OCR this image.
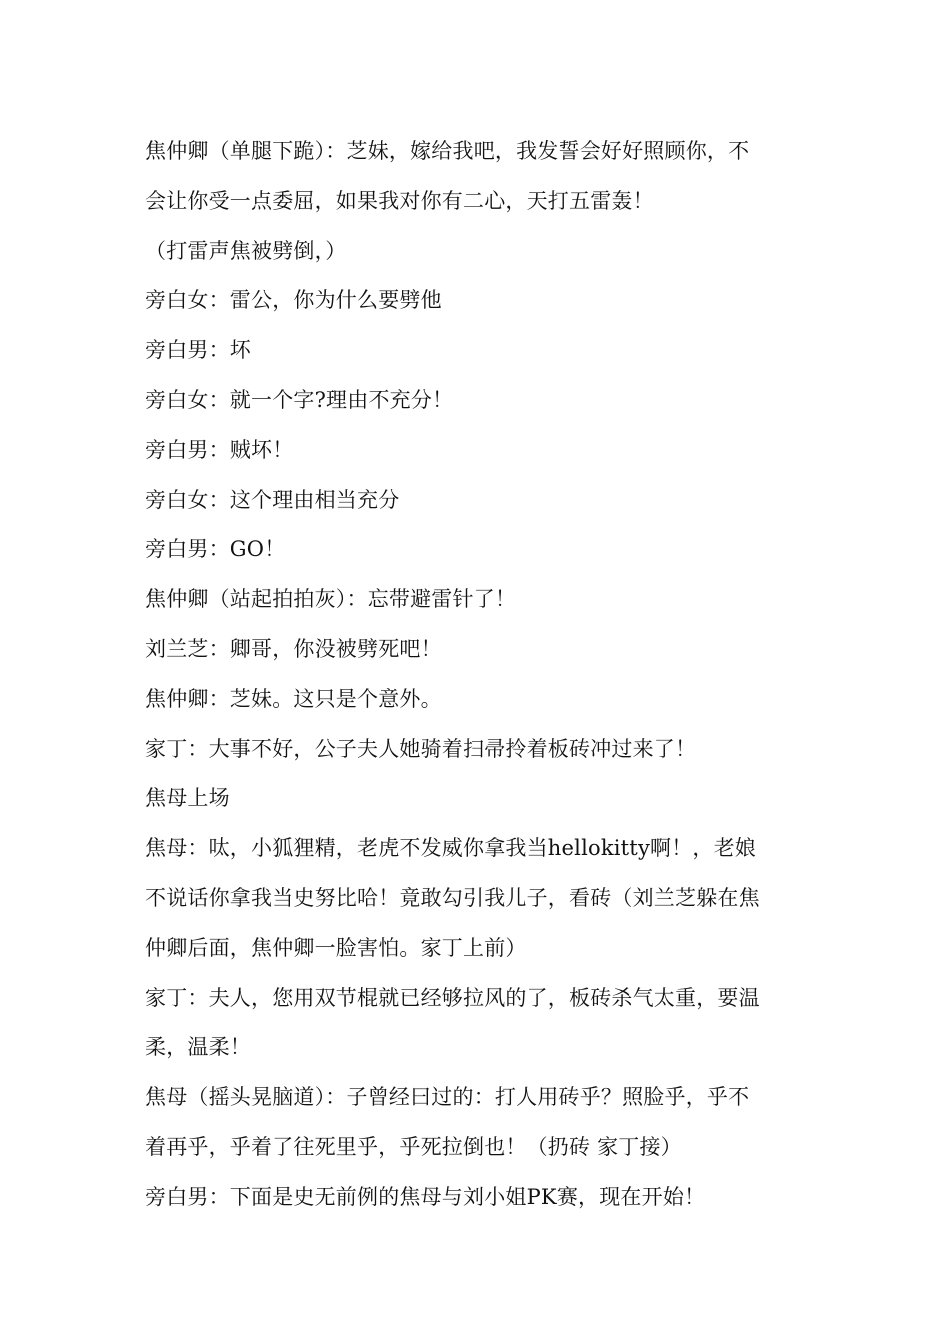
焦仲卿（单腿下跪）：芝妹，嫁给我吧，我发誓会好好照顾你，不
会让你受一点委屈，如果我对你有二心，天打五雷轰！
（打雷声焦被劈倒，）
旁白女：雷公，你为什么要劈他
旁白男：坏
旁白女：就一个字?理由不充分！
旁白男：贼坏！
旁白女：这个理由相当充分
旁白男：GO！
焦仲卿（站起拍拍灰）：忘带避雷针了！
刘兰芝：卿哥，你没被劈死吧！
焦仲卿：芝妹。这只是个意外。
家丁：大事不好，公子夫人她骑着扫帚拎着板砖冲过来了！
焦母上场
焦母：呔，小狐狸精，老虎不发威你拿我当hellokitty啊！，老娘
不说话你拿我当史努比哈！竟敢勾引我儿子，看砖（刘兰芝躲在焦
仲卿后面，焦仲卿一脸害怕。家丁上前）
家丁：夫人，您用双节棍就已经够拉风的了，板砖杀气太重，要温
柔，温柔！
焦母（摇头晃脑道）：子曾经曰过的：打人用砖乎？照脸乎，乎不
着再乎，乎着了往死里乎，乎死拉倒也！（扔砖 家丁接）
旁白男：下面是史无前例的焦母与刘小姐PK赛，现在开始！
